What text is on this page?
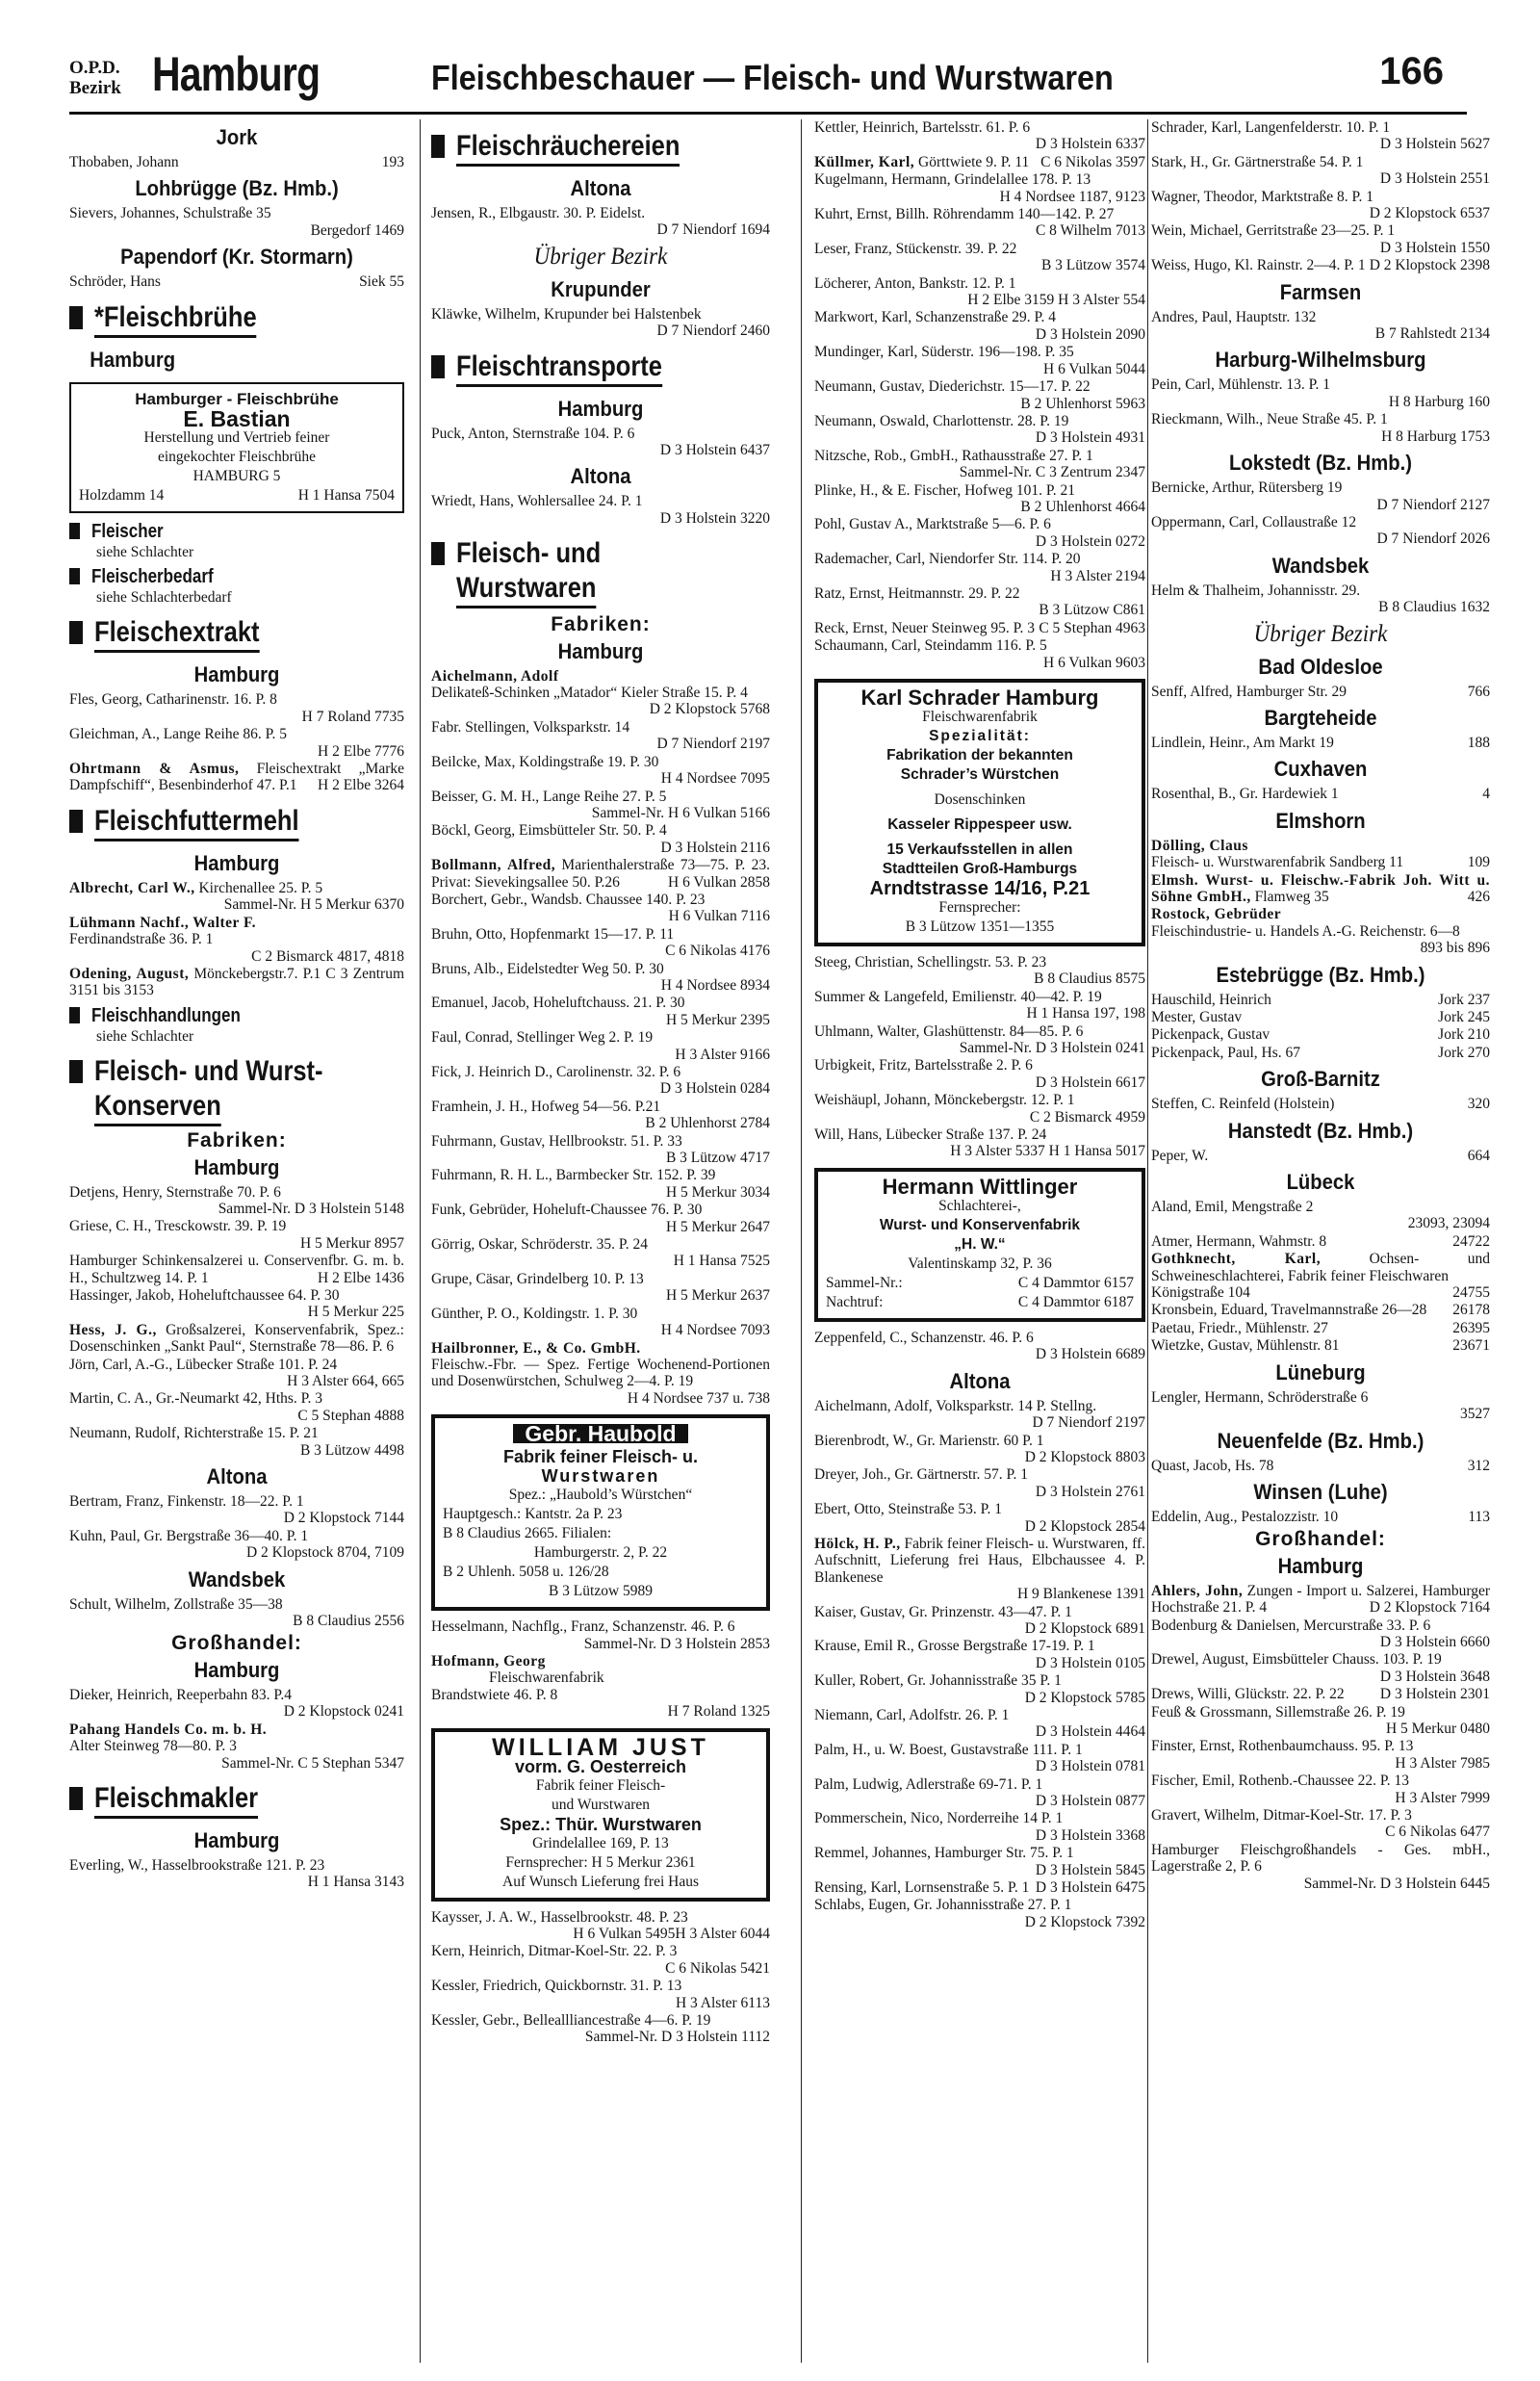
O.P.D.
Bezirk Hamburg	Fleischbeschauer — Fleisch- und Wurstwaren	166
Jork
Thobaben, Johann	193
Lohbrügge (Bz. Hmb.)
Sievers, Johannes, Schulstraße 35

Bergedorf 1469
Papendorf (Kr. Stormarn)
Schröder, Hans	Siek 55
*Fleischbrühe
Hamburg
Hamburger - Fleischbrühe
E. Bastian
Herstellung und Vertrieb feiner
eingekochter Fleischbrühe
HAMBURG 5
Holzdamm 14	H 1 Hansa 7504
Fleischer
siehe Schlachter
Fleischerbedarf
siehe Schlachterbedarf
Fleischextrakt
Hamburg
Fles, Georg, Catharinenstr. 16. P. 8

H 7 Roland 7735
Gleichman, A., Lange Reihe 86. P. 5

H 2 Elbe 7776
Ohrtmann & Asmus, Fleischextrakt „Marke Dampfschiff“, Besenbinderhof 47. P.1 H 2 Elbe 3264
Fleischfuttermehl
Hamburg
Albrecht, Carl W., Kirchenallee 25. P. 5

Sammel-Nr. H 5 Merkur 6370
Lühmann Nachf., Walter F.
Ferdinandstraße 36. P. 1

C 2 Bismarck 4817, 4818
Odening, August, Mönckebergstr.7. P.1 C 3 Zentrum 3151 bis 3153
Fleischhandlungen
siehe Schlachter
Fleisch- und Wurst-
Konserven
Fabriken:
Hamburg
Detjens, Henry, Sternstraße 70. P. 6

Sammel-Nr. D 3 Holstein 5148
Griese, C. H., Tresckowstr. 39. P. 19

H 5 Merkur 8957
Hamburger Schinkensalzerei u. Conservenfbr. G. m. b. H., Schultzweg 14. P. 1	H 2 Elbe 1436
Hassinger, Jakob, Hoheluftchaussee 64. P. 30
H 5 Merkur 225
Hess, J. G., Großsalzerei, Konservenfabrik, Spez.: Dosenschinken „Sankt Paul“, Sternstraße 78—86. P. 6
Jörn, Carl, A.-G., Lübecker Straße 101. P. 24
H 3 Alster 664, 665
Martin, C. A., Gr.-Neumarkt 42, Hths. P. 3
C 5 Stephan 4888
Neumann, Rudolf, Richterstraße 15. P. 21
B 3 Lützow 4498
Altona
Bertram, Franz, Finkenstr. 18—22. P. 1
D 2 Klopstock 7144
Kuhn, Paul, Gr. Bergstraße 36—40. P. 1
D 2 Klopstock 8704, 7109
Wandsbek
Schult, Wilhelm, Zollstraße 35—38

B 8 Claudius 2556
Großhandel:
Hamburg
Dieker, Heinrich, Reeperbahn 83. P.4

D 2 Klopstock 0241
Pahang Handels Co. m. b. H.
Alter Steinweg 78—80. P. 3

Sammel-Nr. C 5 Stephan 5347
Fleischmakler
Hamburg
Everling, W., Hasselbrookstraße 121. P. 23
H 1 Hansa 3143
Fleischräuchereien
Altona
Jensen, R., Elbgaustr. 30. P. Eidelst.

D 7 Niendorf 1694
Übriger Bezirk
Krupunder
Kläwke, Wilhelm, Krupunder bei Halstenbek
D 7 Niendorf 2460
Fleischtransporte
Hamburg
Puck, Anton, Sternstraße 104. P. 6

D 3 Holstein 6437
Altona
Wriedt, Hans, Wohlersallee 24. P. 1

D 3 Holstein 3220
Fleisch- und
Wurstwaren
Fabriken:
Hamburg
Aichelmann, Adolf
Delikateß-Schinken „Matador“ Kieler Straße 15. P. 4

D 2 Klopstock 5768
Fabr. Stellingen, Volksparkstr. 14

D 7 Niendorf 2197
Beilcke, Max, Koldingstraße 19. P. 30

H 4 Nordsee 7095
Beisser, G. M. H., Lange Reihe 27. P. 5

Sammel-Nr. H 6 Vulkan 5166
Böckl, Georg, Eimsbütteler Str. 50. P. 4
D 3 Holstein 2116
Bollmann, Alfred, Marienthalerstraße 73—75. P. 23. Privat: Sievekingsallee 50. P.26	H 6 Vulkan 2858
Borchert, Gebr., Wandsb. Chaussee 140. P. 23
H 6 Vulkan 7116
Bruhn, Otto, Hopfenmarkt 15—17. P. 11
C 6 Nikolas 4176
Bruns, Alb., Eidelstedter Weg 50. P. 30
H 4 Nordsee 8934
Emanuel, Jacob, Hoheluftchauss. 21. P. 30
H 5 Merkur 2395
Faul, Conrad, Stellinger Weg 2. P. 19

H 3 Alster 9166
Fick, J. Heinrich D., Carolinenstr. 32. P. 6
D 3 Holstein 0284
Framhein, J. H., Hofweg 54—56. P.21

B 2 Uhlenhorst 2784
Fuhrmann, Gustav, Hellbrookstr. 51. P. 33
B 3 Lützow 4717
Fuhrmann, R. H. L., Barmbecker Str. 152. P. 39
H 5 Merkur 3034
Funk, Gebrüder, Hoheluft-Chaussee 76. P. 30
H 5 Merkur 2647
Görrig, Oskar, Schröderstr. 35. P. 24

H 1 Hansa 7525
Grupe, Cäsar, Grindelberg 10. P. 13

H 5 Merkur 2637
Günther, P. O., Koldingstr. 1. P. 30

H 4 Nordsee 7093
Hailbronner, E., & Co. GmbH.
Fleischw.-Fbr. — Spez. Fertige Wochenend-Portionen und Dosenwürstchen, Schulweg 2—4. P. 19

H 4 Nordsee 737 u. 738
Gebr. Haubold
Fabrik feiner Fleisch- u.
Wurstwaren
Spez.: „Haubold’s Würstchen“
Hauptgesch.: Kantstr. 2a P. 23
B 8 Claudius 2665. Filialen:
Hamburgerstr. 2, P. 22
B 2 Uhlenh. 5058 u. 126/28
B 3 Lützow 5989
Hesselmann, Nachflg., Franz, Schanzenstr. 46. P. 6

Sammel-Nr. D 3 Holstein 2853
Hofmann, Georg
Fleischwarenfabrik
Brandstwiete 46. P. 8

H 7 Roland 1325
WILLIAM JUST
vorm. G. Oesterreich
Fabrik feiner Fleisch-
und Wurstwaren
Spez.: Thür. Wurstwaren
Grindelallee 169, P. 13
Fernsprecher: H 5 Merkur 2361
Auf Wunsch Lieferung frei Haus
Kaysser, J. A. W., Hasselbrookstr. 48. P. 23
H 3 Alster 6044

H 6 Vulkan 5495
Kern, Heinrich, Ditmar-Koel-Str. 22. P. 3
C 6 Nikolas 5421
Kessler, Friedrich, Quickbornstr. 31. P. 13
H 3 Alster 6113
Kessler, Gebr., Belleallliancestraße 4—6. P. 19

Sammel-Nr. D 3 Holstein 1112
Kettler, Heinrich, Bartelsstr. 61. P. 6

D 3 Holstein 6337
Küllmer, Karl, Görttwiete 9. P. 11 C 6 Nikolas 3597
Kugelmann, Hermann, Grindelallee 178. P. 13
H 4 Nordsee 1187, 9123
Kuhrt, Ernst, Billh. Röhrendamm 140—142. P. 27
C 8 Wilhelm 7013
Leser, Franz, Stückenstr. 39. P. 22

B 3 Lützow 3574
Löcherer, Anton, Bankstr. 12. P. 1

H 2 Elbe 3159 H 3 Alster 554
Markwort, Karl, Schanzenstraße 29. P. 4
D 3 Holstein 2090
Mundinger, Karl, Süderstr. 196—198. P. 35
H 6 Vulkan 5044
Neumann, Gustav, Diederichstr. 15—17. P. 22
B 2 Uhlenhorst 5963
Neumann, Oswald, Charlottenstr. 28. P. 19
D 3 Holstein 4931
Nitzsche, Rob., GmbH., Rathausstraße 27. P. 1

Sammel-Nr. C 3 Zentrum 2347
Plinke, H., & E. Fischer, Hofweg 101. P. 21
B 2 Uhlenhorst 4664
Pohl, Gustav A., Marktstraße 5—6. P. 6
D 3 Holstein 0272
Rademacher, Carl, Niendorfer Str. 114. P. 20
H 3 Alster 2194
Ratz, Ernst, Heitmannstr. 29. P. 22

B 3 Lützow C861
Reck, Ernst, Neuer Steinweg 95. P. 3 C 5 Stephan 4963
Schaumann, Carl, Steindamm 116. P. 5
H 6 Vulkan 9603
Karl Schrader Hamburg
Fleischwarenfabrik
Spezialität:
Fabrikation der bekannten
Schrader’s Würstchen
Dosenschinken
Kasseler Rippespeer usw.
15 Verkaufsstellen in allen
Stadtteilen Groß-Hamburgs
Arndtstrasse 14/16, P.21
Fernsprecher:
B 3 Lützow 1351—1355
Steeg, Christian, Schellingstr. 53. P. 23
B 8 Claudius 8575
Summer & Langefeld, Emilienstr. 40—42. P. 19
H 1 Hansa 197, 198
Uhlmann, Walter, Glashüttenstr. 84—85. P. 6

Sammel-Nr. D 3 Holstein 0241
Urbigkeit, Fritz, Bartelsstraße 2. P. 6

D 3 Holstein 6617
Weishäupl, Johann, Mönckebergstr. 12. P. 1
C 2 Bismarck 4959
Will, Hans, Lübecker Straße 137. P. 24

H 3 Alster 5337 H 1 Hansa 5017
Hermann Wittlinger
Schlachterei-,
Wurst- und Konservenfabrik
„H. W.“
Valentinskamp 32, P. 36
Sammel-Nr.:	C 4 Dammtor 6157
Nachtruf:	C 4 Dammtor 6187
Zeppenfeld, C., Schanzenstr. 46. P. 6

D 3 Holstein 6689
Altona
Aichelmann, Adolf, Volksparkstr. 14 P. Stellng.
D 7 Niendorf 2197
Bierenbrodt, W., Gr. Marienstr. 60 P. 1
D 2 Klopstock 8803
Dreyer, Joh., Gr. Gärtnerstr. 57. P. 1

D 3 Holstein 2761
Ebert, Otto, Steinstraße 53. P. 1

D 2 Klopstock 2854
Hölck, H. P., Fabrik feiner Fleisch- u. Wurstwaren, ff. Aufschnitt, Lieferung frei Haus, Elbchaussee 4. P. Blankenese

H 9 Blankenese 1391
Kaiser, Gustav, Gr. Prinzenstr. 43—47. P. 1
D 2 Klopstock 6891
Krause, Emil R., Grosse Bergstraße 17-19. P. 1
D 3 Holstein 0105
Kuller, Robert, Gr. Johannisstraße 35 P. 1
D 2 Klopstock 5785
Niemann, Carl, Adolfstr. 26. P. 1

D 3 Holstein 4464
Palm, H., u. W. Boest, Gustavstraße 111. P. 1
D 3 Holstein 0781
Palm, Ludwig, Adlerstraße 69-71. P. 1
D 3 Holstein 0877
Pommerschein, Nico, Norderreihe 14 P. 1
D 3 Holstein 3368
Remmel, Johannes, Hamburger Str. 75. P. 1
D 3 Holstein 5845
Rensing, Karl, Lornsenstraße 5. P. 1 D 3 Holstein 6475
Schlabs, Eugen, Gr. Johannisstraße 27. P. 1
D 2 Klopstock 7392
Schrader, Karl, Langenfelderstr. 10. P. 1
D 3 Holstein 5627
Stark, H., Gr. Gärtnerstraße 54. P. 1

D 3 Holstein 2551
Wagner, Theodor, Marktstraße 8. P. 1
D 2 Klopstock 6537
Wein, Michael, Gerritstraße 23—25. P. 1
D 3 Holstein 1550
Weiss, Hugo, Kl. Rainstr. 2—4. P. 1 D 2 Klopstock 2398
Farmsen
Andres, Paul, Hauptstr. 132

B 7 Rahlstedt 2134
Harburg-Wilhelmsburg
Pein, Carl, Mühlenstr. 13. P. 1

H 8 Harburg 160
Rieckmann, Wilh., Neue Straße 45. P. 1
H 8 Harburg 1753
Lokstedt (Bz. Hmb.)
Bernicke, Arthur, Rütersberg 19

D 7 Niendorf 2127
Oppermann, Carl, Collaustraße 12

D 7 Niendorf 2026
Wandsbek
Helm & Thalheim, Johannisstr. 29.

B 8 Claudius 1632
Übriger Bezirk
Bad Oldesloe
Senff, Alfred, Hamburger Str. 29	766
Bargteheide
Lindlein, Heinr., Am Markt 19	188
Cuxhaven
Rosenthal, B., Gr. Hardewiek 1	4
Elmshorn
Dölling, Claus
Fleisch- u. Wurstwarenfabrik Sandberg 11	109
Elmsh. Wurst- u. Fleischw.-Fabrik Joh. Witt u. Söhne GmbH., Flamweg 35	426
Rostock, Gebrüder
Fleischindustrie- u. Handels A.-G. Reichenstr. 6—8
893 bis 896
Estebrügge (Bz. Hmb.)
Hauschild, Heinrich	Jork 237
Mester, Gustav	Jork 245
Pickenpack, Gustav	Jork 210
Pickenpack, Paul, Hs. 67	Jork 270
Groß-Barnitz
Steffen, C. Reinfeld (Holstein)	320
Hanstedt (Bz. Hmb.)
Peper, W.	664
Lübeck
Aland, Emil, Mengstraße 2

23093, 23094
Atmer, Hermann, Wahmstr. 8	24722
Gothknecht, Karl, Ochsen- und Schweineschlachterei, Fabrik feiner Fleischwaren
Königstraße 104	24755
Kronsbein, Eduard, Travelmannstraße 26—28 26178
Paetau, Friedr., Mühlenstr. 27	26395
Wietzke, Gustav, Mühlenstr. 81	23671
Lüneburg
Lengler, Hermann, Schröderstraße 6

3527
Neuenfelde (Bz. Hmb.)
Quast, Jacob, Hs. 78	312
Winsen (Luhe)
Eddelin, Aug., Pestalozzistr. 10	113
Großhandel:
Hamburg
Ahlers, John, Zungen - Import u. Salzerei, Hamburger Hochstraße 21. P. 4	D 2 Klopstock 7164
Bodenburg & Danielsen, Mercurstraße 33. P. 6
D 3 Holstein 6660
Drewel, August, Eimsbütteler Chauss. 103. P. 19
D 3 Holstein 3648
Drews, Willi, Glückstr. 22. P. 22 D 3 Holstein 2301
Feuß & Grossmann, Sillemstraße 26. P. 19
H 5 Merkur 0480
Finster, Ernst, Rothenbaumchauss. 95. P. 13
H 3 Alster 7985
Fischer, Emil, Rothenb.-Chaussee 22. P. 13
H 3 Alster 7999
Gravert, Wilhelm, Ditmar-Koel-Str. 17. P. 3
C 6 Nikolas 6477
Hamburger Fleischgroßhandels - Ges. mbH., Lagerstraße 2, P. 6

Sammel-Nr. D 3 Holstein 6445
